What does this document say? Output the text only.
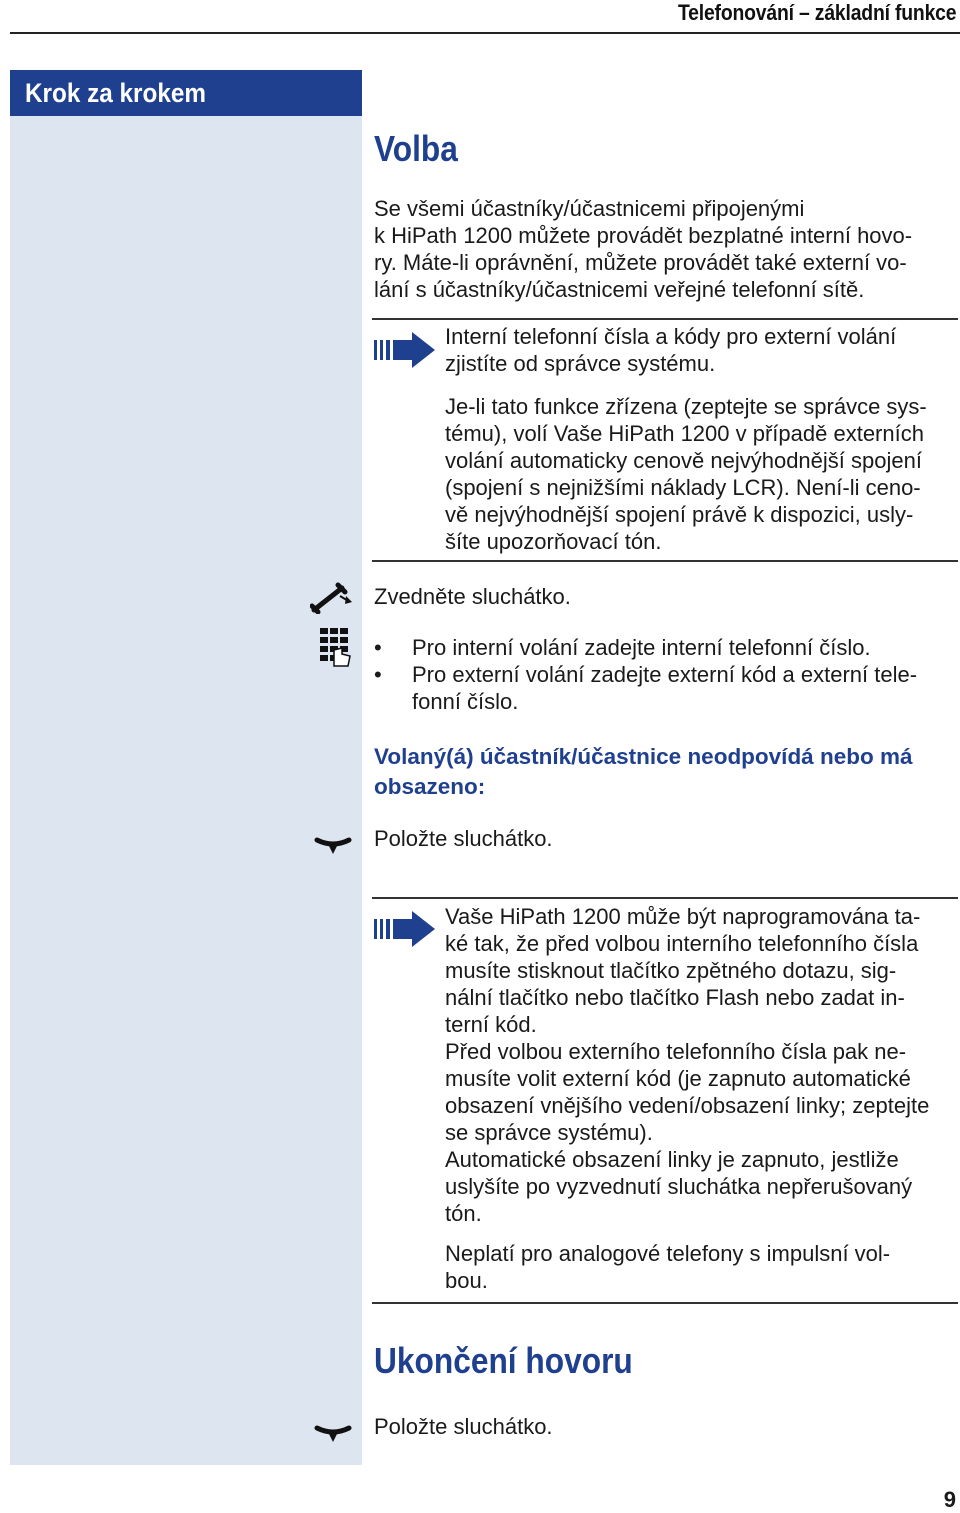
Telefonování – základní funkce
Krok za krokem
Volba
Se všemi účastníky/účastnicemi připojenými
k HiPath 1200 můžete provádět bezplatné interní hovo-
ry. Máte-li oprávnění, můžete provádět také externí vo-
lání s účastníky/účastnicemi veřejné telefonní sítě.
Interní telefonní čísla a kódy pro externí volání
zjistíte od správce systému.
Je-li tato funkce zřízena (zeptejte se správce sys-
tému), volí Vaše HiPath 1200 v případě externích
volání automaticky cenově nejvýhodnější spojení
(spojení s nejnižšími náklady LCR). Není-li ceno-
vě nejvýhodnější spojení právě k dispozici, usly-
šíte upozorňovací tón.
Zvedněte sluchátko.
• Pro interní volání zadejte interní telefonní číslo.
• Pro externí volání zadejte externí kód a externí tele-
fonní číslo.
Volaný(á) účastník/účastnice neodpovídá nebo má
obsazeno:
Položte sluchátko.
Vaše HiPath 1200 může být naprogramována ta-
ké tak, že před volbou interního telefonního čísla
musíte stisknout tlačítko zpětného dotazu, sig-
nální tlačítko nebo tlačítko Flash nebo zadat in-
terní kód.
Před volbou externího telefonního čísla pak ne-
musíte volit externí kód (je zapnuto automatické
obsazení vnějšího vedení/obsazení linky; zeptejte
se správce systému).
Automatické obsazení linky je zapnuto, jestliže
uslyšíte po vyzvednutí sluchátka nepřerušovaný
tón.
Neplatí pro analogové telefony s impulsní vol-
bou.
Ukončení hovoru
Položte sluchátko.
9
